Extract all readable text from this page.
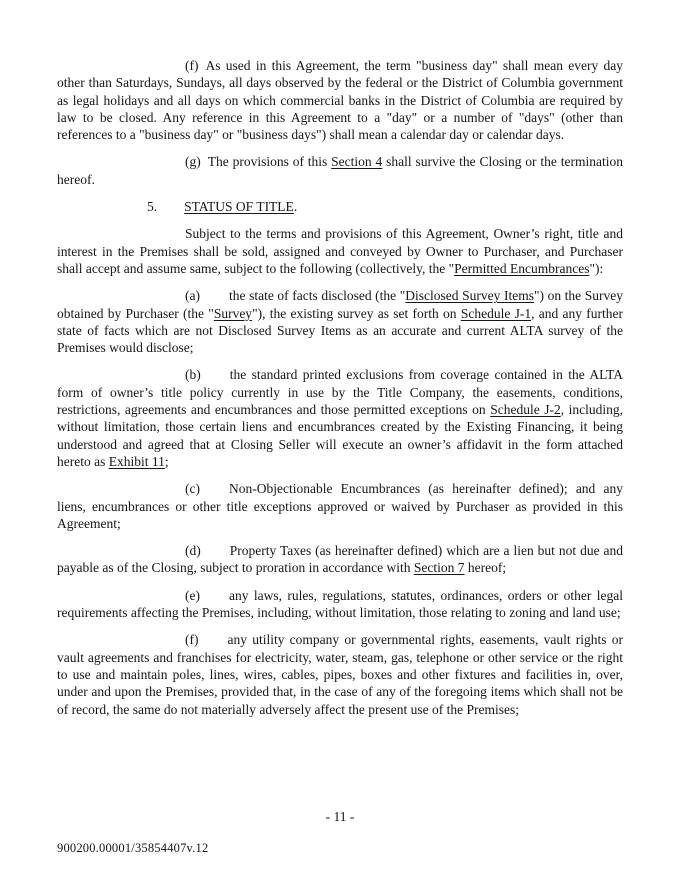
(f) As used in this Agreement, the term "business day" shall mean every day other than Saturdays, Sundays, all days observed by the federal or the District of Columbia government as legal holidays and all days on which commercial banks in the District of Columbia are required by law to be closed. Any reference in this Agreement to a "day" or a number of "days" (other than references to a "business day" or "business days") shall mean a calendar day or calendar days.

(g) The provisions of this Section 4 shall survive the Closing or the termination hereof.

5. STATUS OF TITLE.

Subject to the terms and provisions of this Agreement, Owner’s right, title and interest in the Premises shall be sold, assigned and conveyed by Owner to Purchaser, and Purchaser shall accept and assume same, subject to the following (collectively, the "Permitted Encumbrances"):

(a) the state of facts disclosed (the "Disclosed Survey Items") on the Survey obtained by Purchaser (the "Survey"), the existing survey as set forth on Schedule J-1, and any further state of facts which are not Disclosed Survey Items as an accurate and current ALTA survey of the Premises would disclose;

(b) the standard printed exclusions from coverage contained in the ALTA form of owner’s title policy currently in use by the Title Company, the easements, conditions, restrictions, agreements and encumbrances and those permitted exceptions on Schedule J-2, including, without limitation, those certain liens and encumbrances created by the Existing Financing, it being understood and agreed that at Closing Seller will execute an owner’s affidavit in the form attached hereto as Exhibit 11;

(c) Non-Objectionable Encumbrances (as hereinafter defined); and any liens, encumbrances or other title exceptions approved or waived by Purchaser as provided in this Agreement;

(d) Property Taxes (as hereinafter defined) which are a lien but not due and payable as of the Closing, subject to proration in accordance with Section 7 hereof;

(e) any laws, rules, regulations, statutes, ordinances, orders or other legal requirements affecting the Premises, including, without limitation, those relating to zoning and land use;

(f) any utility company or governmental rights, easements, vault rights or vault agreements and franchises for electricity, water, steam, gas, telephone or other service or the right to use and maintain poles, lines, wires, cables, pipes, boxes and other fixtures and facilities in, over, under and upon the Premises, provided that, in the case of any of the foregoing items which shall not be of record, the same do not materially adversely affect the present use of the Premises;

- 11 -
900200.00001/35854407v.12
